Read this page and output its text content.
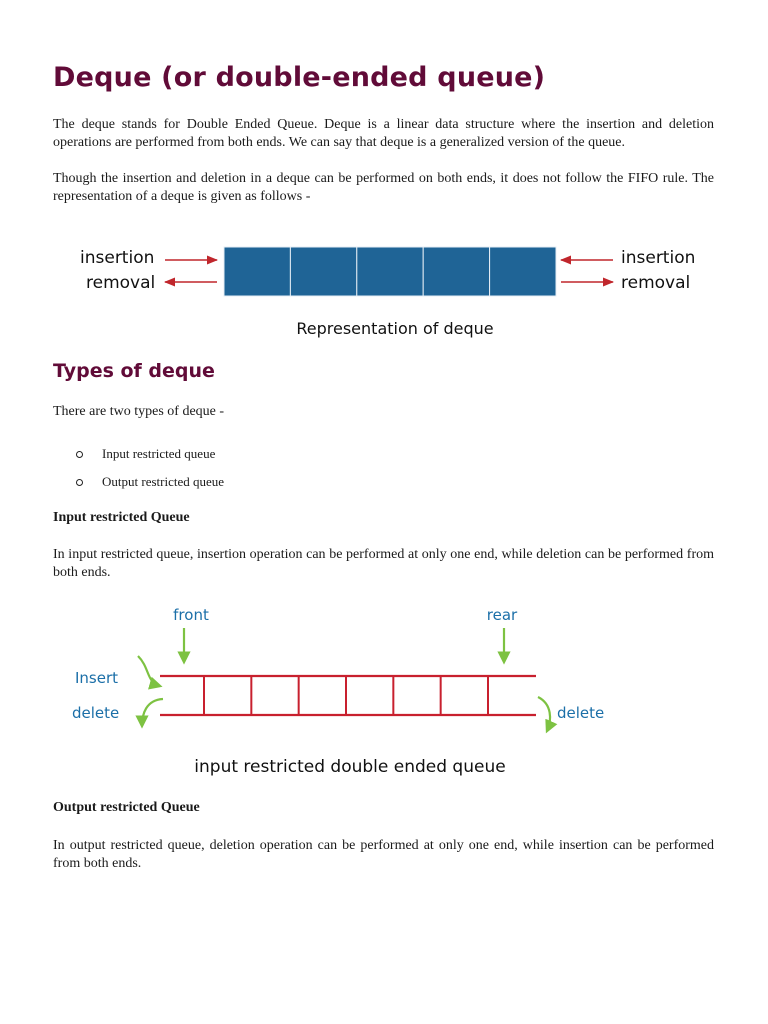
Deque (or double-ended queue)

The deque stands for Double Ended Queue. Deque is a linear data structure where the insertion and deletion operations are performed from both ends. We can say that deque is a generalized version of the queue.

Though the insertion and deletion in a deque can be performed on both ends, it does not follow the FIFO rule. The representation of a deque is given as follows -

Types of deque

There are two types of deque -

Input restricted queue
Output restricted queue
Input restricted Queue

In input restricted queue, insertion operation can be performed at only one end, while deletion can be performed from both ends.

Output restricted Queue

In output restricted queue, deletion operation can be performed at only one end, while insertion can be performed from both ends.

insertion
removal
insertion
removal
Representation of deque
front	rear
Insert
delete	delete
input restricted double ended queue
